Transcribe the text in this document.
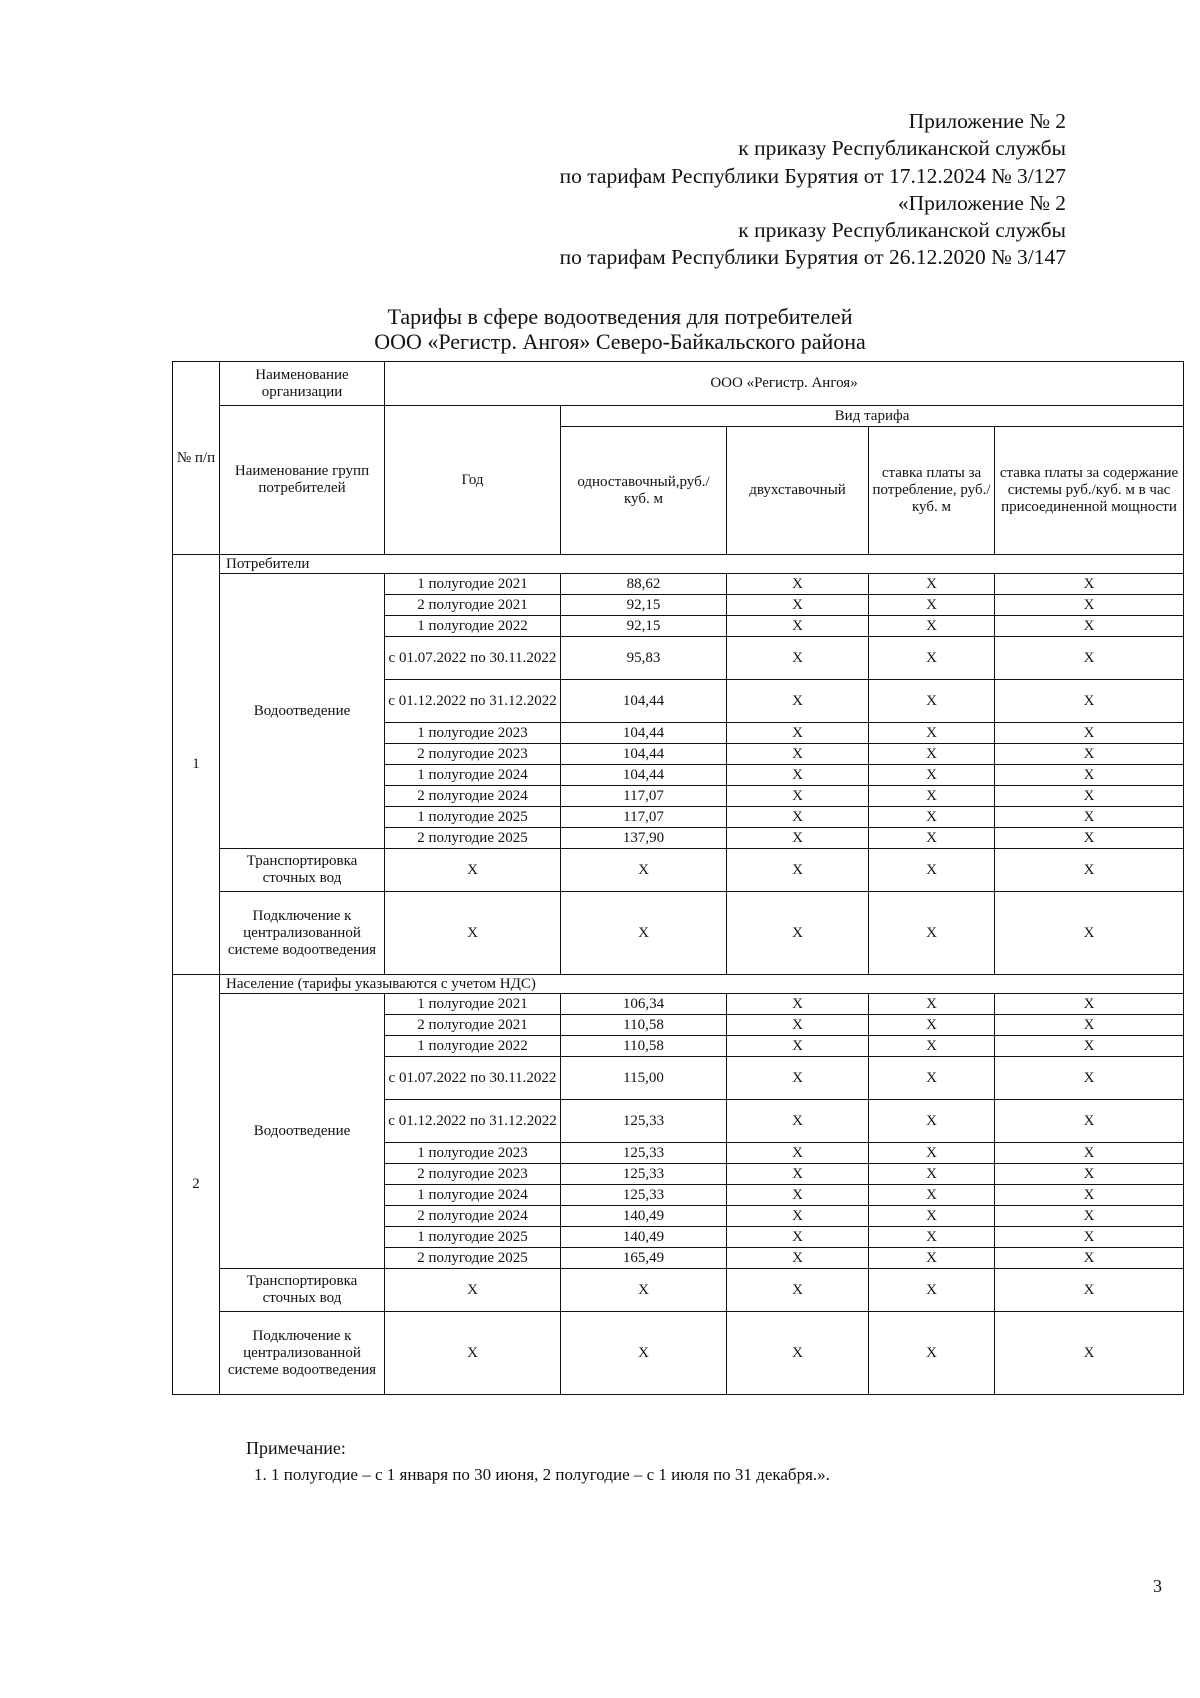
Приложение № 2
к приказу Республиканской службы
по тарифам Республики Бурятия от 17.12.2024 № 3/127
«Приложение № 2
к приказу Республиканской службы
по тарифам Республики Бурятия от 26.12.2020 № 3/147
Тарифы в сфере водоотведения для потребителей
ООО «Регистр. Ангоя» Северо-Байкальского района
№ п/п	Наименование организации	ООО «Регистр. Ангоя»				
	Наименование групп потребителей	Год	Вид тарифа			
			одноставочный,руб./ куб. м	двухставочный	ставка платы за потребление, руб./ куб. м	ставка платы за содержание системы руб./куб. м в час присоединенной мощности
1	Потребители					
	Водоотведение	1 полугодие 2021	88,62	X	X	X
		2 полугодие 2021	92,15	X	X	X
		1 полугодие 2022	92,15	X	X	X
		с 01.07.2022 по 30.11.2022	95,83	X	X	X
		с 01.12.2022 по 31.12.2022	104,44	X	X	X
		1 полугодие 2023	104,44	X	X	X
		2 полугодие 2023	104,44	X	X	X
		1 полугодие 2024	104,44	X	X	X
		2 полугодие 2024	117,07	X	X	X
		1 полугодие 2025	117,07	X	X	X
		2 полугодие 2025	137,90	X	X	X
	Транспортировка сточных вод	X	X	X	X	X
	Подключение к централизованной системе водоотведения	X	X	X	X	X
2	Население (тарифы указываются с учетом НДС)					
	Водоотведение	1 полугодие 2021	106,34	X	X	X
		2 полугодие 2021	110,58	X	X	X
		1 полугодие 2022	110,58	X	X	X
		с 01.07.2022 по 30.11.2022	115,00	X	X	X
		с 01.12.2022 по 31.12.2022	125,33	X	X	X
		1 полугодие 2023	125,33	X	X	X
		2 полугодие 2023	125,33	X	X	X
		1 полугодие 2024	125,33	X	X	X
		2 полугодие 2024	140,49	X	X	X
		1 полугодие 2025	140,49	X	X	X
		2 полугодие 2025	165,49	X	X	X
	Транспортировка сточных вод	X	X	X	X	X
	Подключение к централизованной системе водоотведения	X	X	X	X	X
Примечание:
1. 1 полугодие – с 1 января по 30 июня, 2 полугодие – с 1 июля по 31 декабря.».
3
